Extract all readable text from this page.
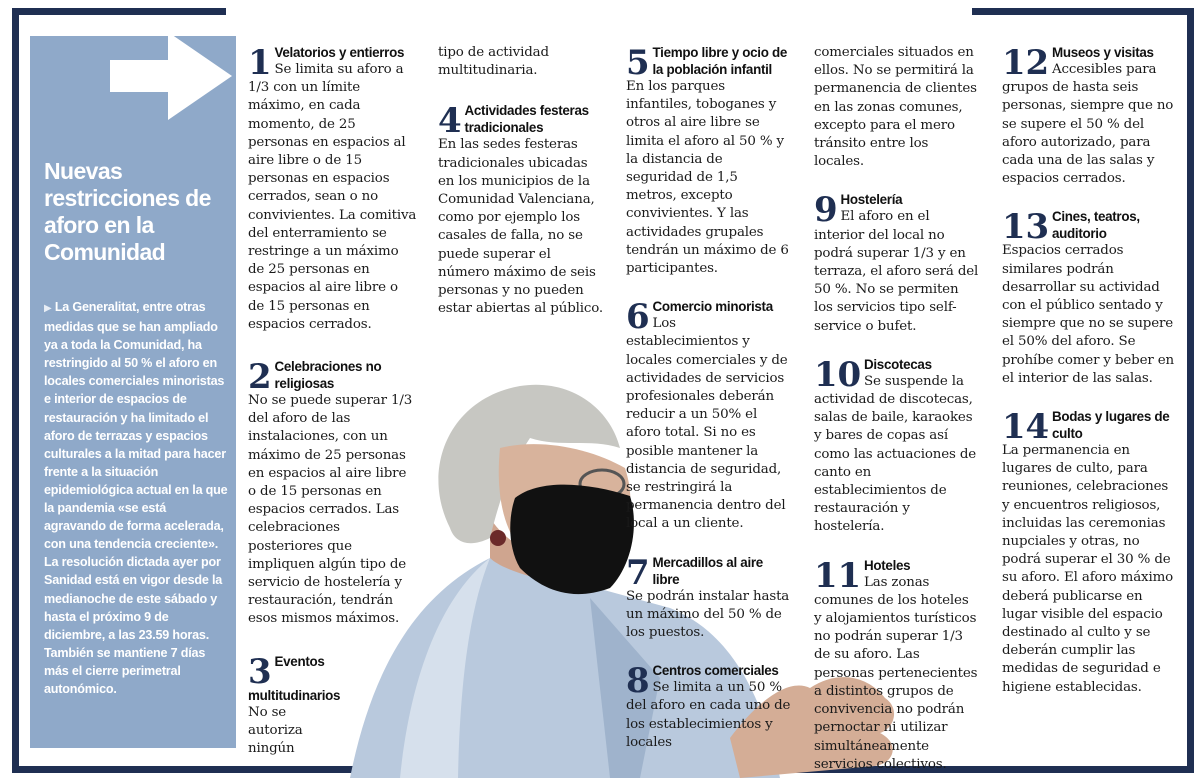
Nuevas restricciones de aforo en la Comunidad
▶ La Generalitat, entre otras medidas que se han ampliado ya a toda la Comunidad, ha restringido al 50 % el aforo en locales comerciales minoristas e interior de espacios de restauración y ha limitado el aforo de terrazas y espacios culturales a la mitad para hacer frente a la situación epidemiológica actual en la que la pandemia «se está agravando de forma acelerada, con una tendencia creciente». La resolución dictada ayer por Sanidad está en vigor desde la medianoche de este sábado y hasta el próximo 9 de diciembre, a las 23.59 horas. También se mantiene 7 días más el cierre perimetral autonómico.
1 Velatorios y entierros

Se limita su aforo a 1/3 con un límite máximo, en cada momento, de 25 personas en espacios al aire libre o de 15 personas en espacios cerrados, sean o no convivientes. La comitiva del enterramiento se restringe a un máximo de 25 personas en espacios al aire libre o de 15 personas en espacios cerrados.

2 Celebraciones no religiosas

No se puede superar 1/3 del aforo de las instalaciones, con un máximo de 25 personas en espacios al aire libre o de 15 personas en espacios cerrados. Las celebraciones posteriores que impliquen algún tipo de servicio de hostelería y restauración, tendrán esos mismos máximos.

3 Eventos multitudinarios

No se autoriza ningún

tipo de actividad multitudinaria.

4 Actividades festeras tradicionales

En las sedes festeras tradicionales ubicadas en los municipios de la Comunidad Valenciana, como por ejemplo los casales de falla, no se puede superar el número máximo de seis personas y no pueden estar abiertas al público.

5 Tiempo libre y ocio de la población infantil

En los parques infantiles, toboganes y otros al aire libre se limita el aforo al 50 % y la distancia de seguridad de 1,5 metros, excepto convivientes. Y las actividades grupales tendrán un máximo de 6 participantes.

6 Comercio minorista

Los establecimientos y locales comerciales y de actividades de servicios profesionales deberán reducir a un 50% el aforo total. Si no es posible mantener la distancia de seguridad, se restringirá la permanencia dentro del local a un cliente.

7 Mercadillos al aire libre

Se podrán instalar hasta un máximo del 50 % de los puestos.

8 Centros comerciales

Se limita a un 50 % del aforo en cada uno de los establecimientos y locales

comerciales situados en ellos. No se permitirá la permanencia de clientes en las zonas comunes, excepto para el mero tránsito entre los locales.

9 Hostelería

El aforo en el interior del local no podrá superar 1/3 y en terraza, el aforo será del 50 %. No se permiten los servicios tipo self-service o bufet.

10 Discotecas

Se suspende la actividad de discotecas, salas de baile, karaokes y bares de copas así como las actuaciones de canto en establecimientos de restauración y hostelería.

11 Hoteles

Las zonas comunes de los hoteles y alojamientos turísticos no podrán superar 1/3 de su aforo. Las personas pertenecientes a distintos grupos de convivencia no podrán pernoctar ni utilizar simultáneamente servicios colectivos.

12 Museos y visitas

Accesibles para grupos de hasta seis personas, siempre que no se supere el 50 % del aforo autorizado, para cada una de las salas y espacios cerrados.

13 Cines, teatros, auditorio

Espacios cerrados similares podrán desarrollar su actividad con el público sentado y siempre que no se supere el 50% del aforo. Se prohíbe comer y beber en el interior de las salas.

14 Bodas y lugares de culto

La permanencia en lugares de culto, para reuniones, celebraciones y encuentros religiosos, incluidas las ceremonias nupciales y otras, no podrá superar el 30 % de su aforo. El aforo máximo deberá publicarse en lugar visible del espacio destinado al culto y se deberán cumplir las medidas de seguridad e higiene establecidas.
